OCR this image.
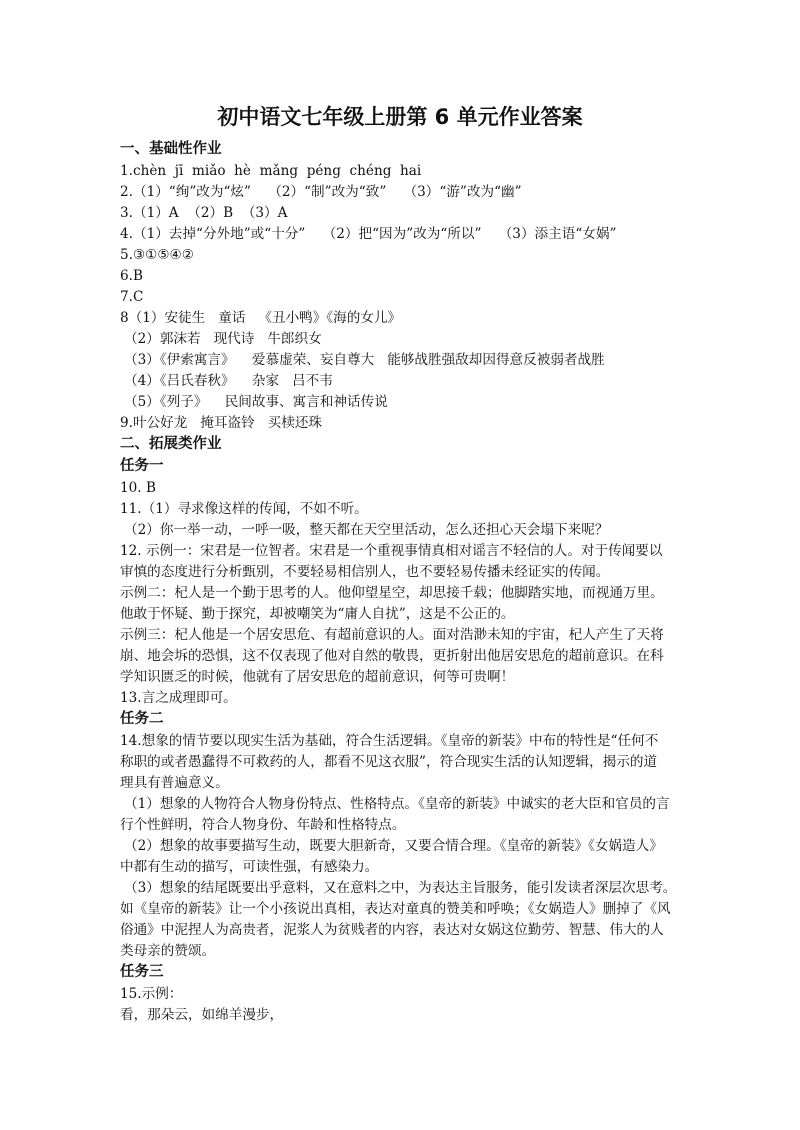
初中语文七年级上册第 6 单元作业答案

一、基础性作业

1.chèn  jī  miǎo  hè  mǎng  péng  chéng  hai

2.（1）“绚”改为“炫”    （2）“制”改为“致”    （3）“游”改为“幽”

3.（1）A  （2）B  （3）A

4.（1）去掉“分外地”或“十分”    （2）把“因为”改为“所以”    （3）添主语“女娲”

5.③①⑤④②

6.B

7.C

8（1）安徒生   童话   《丑小鸭》《海的女儿》

（2）郭沫若   现代诗   牛郎织女

（3）《伊索寓言》    爱慕虚荣、妄自尊大   能够战胜强敌却因得意反被弱者战胜

（4）《吕氏春秋》    杂家   吕不韦

（5）《列子》    民间故事、寓言和神话传说

9.叶公好龙   掩耳盗铃   买椟还珠

二、拓展类作业

任务一

10. B

11.（1）寻求像这样的传闻，不如不听。

（2）你一举一动，一呼一吸，整天都在天空里活动，怎么还担心天会塌下来呢？

12. 示例一：宋君是一位智者。宋君是一个重视事情真相对谣言不轻信的人。对于传闻要以

审慎的态度进行分析甄别，不要轻易相信别人，也不要轻易传播未经证实的传闻。

示例二：杞人是一个勤于思考的人。他仰望星空，却思接千载；他脚踏实地，而视通万里。

他敢于怀疑、勤于探究，却被嘲笑为“庸人自扰”，这是不公正的。

示例三：杞人他是一个居安思危、有超前意识的人。面对浩渺未知的宇宙，杞人产生了天将

崩、地会坼的恐惧，这不仅表现了他对自然的敬畏，更折射出他居安思危的超前意识。在科

学知识匮乏的时候，他就有了居安思危的超前意识，何等可贵啊！

13.言之成理即可。

任务二

14.想象的情节要以现实生活为基础，符合生活逻辑。《皇帝的新装》中布的特性是“任何不

称职的或者愚蠢得不可救药的人，都看不见这衣服”，符合现实生活的认知逻辑，揭示的道

理具有普遍意义。

（1）想象的人物符合人物身份特点、性格特点。《皇帝的新装》中诚实的老大臣和官员的言

行个性鲜明，符合人物身份、年龄和性格特点。

（2）想象的故事要描写生动，既要大胆新奇，又要合情合理。《皇帝的新装》《女娲造人》

中都有生动的描写，可读性强，有感染力。

（3）想象的结尾既要出乎意料，又在意料之中，为表达主旨服务，能引发读者深层次思考。

如《皇帝的新装》让一个小孩说出真相，表达对童真的赞美和呼唤；《女娲造人》删掉了《风

俗通》中泥捏人为高贵者，泥浆人为贫贱者的内容，表达对女娲这位勤劳、智慧、伟大的人

类母亲的赞颂。

任务三

15.示例：

看，那朵云，如绵羊漫步，
